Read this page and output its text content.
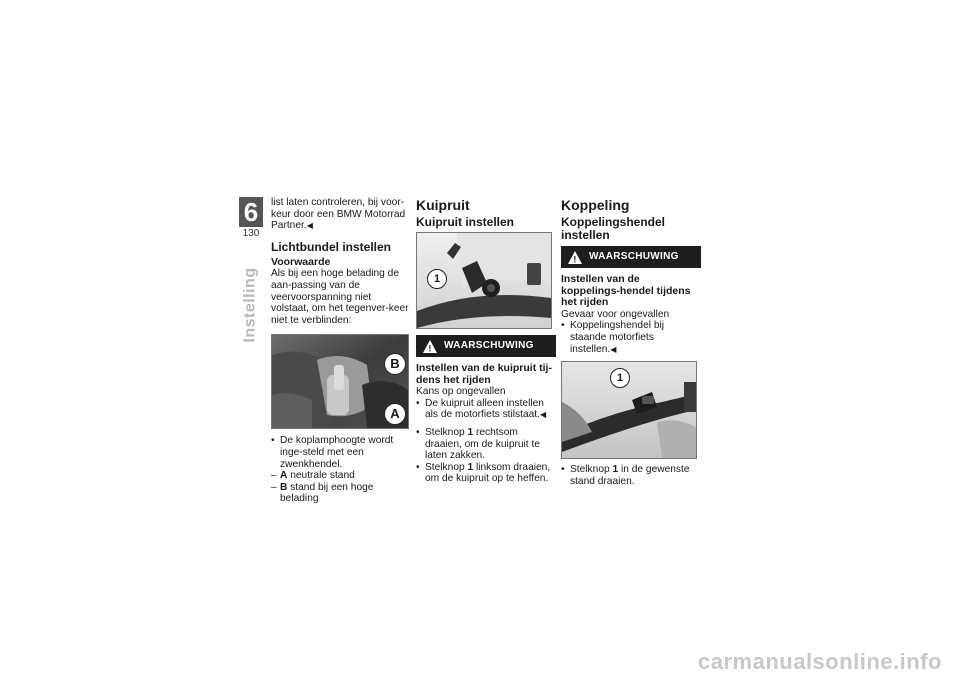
6
130
Instelling

list laten controleren, bij voor-keur door een BMW Motorrad Partner.◀

Lichtbundel instellen
Voorwaarde

Als bij een hoge belading de aan-passing van de veervoorspanning niet volstaat, om het tegenver-keer niet te verblinden:

B
A
• De koplamphoogte wordt inge-steld met een zwenkhendel.
– A neutrale stand
– B stand bij een hoge belading
Kuipruit
Kuipruit instellen
1
! WAARSCHUWING
Instellen van de kuipruit tij-dens het rijden

Kans op ongevallen

• De kuipruit alleen instellen als de motorfiets stilstaat.◀
• Stelknop 1 rechtsom draaien, om de kuipruit te laten zakken.
• Stelknop 1 linksom draaien, om de kuipruit op te heffen.
Koppeling
Koppelingshendel instellen
! WAARSCHUWING
Instellen van de koppelings-hendel tijdens het rijden

Gevaar voor ongevallen

• Koppelingshendel bij staande motorfiets instellen.◀
1
• Stelknop 1 in de gewenste stand draaien.
carmanualsonline.info
